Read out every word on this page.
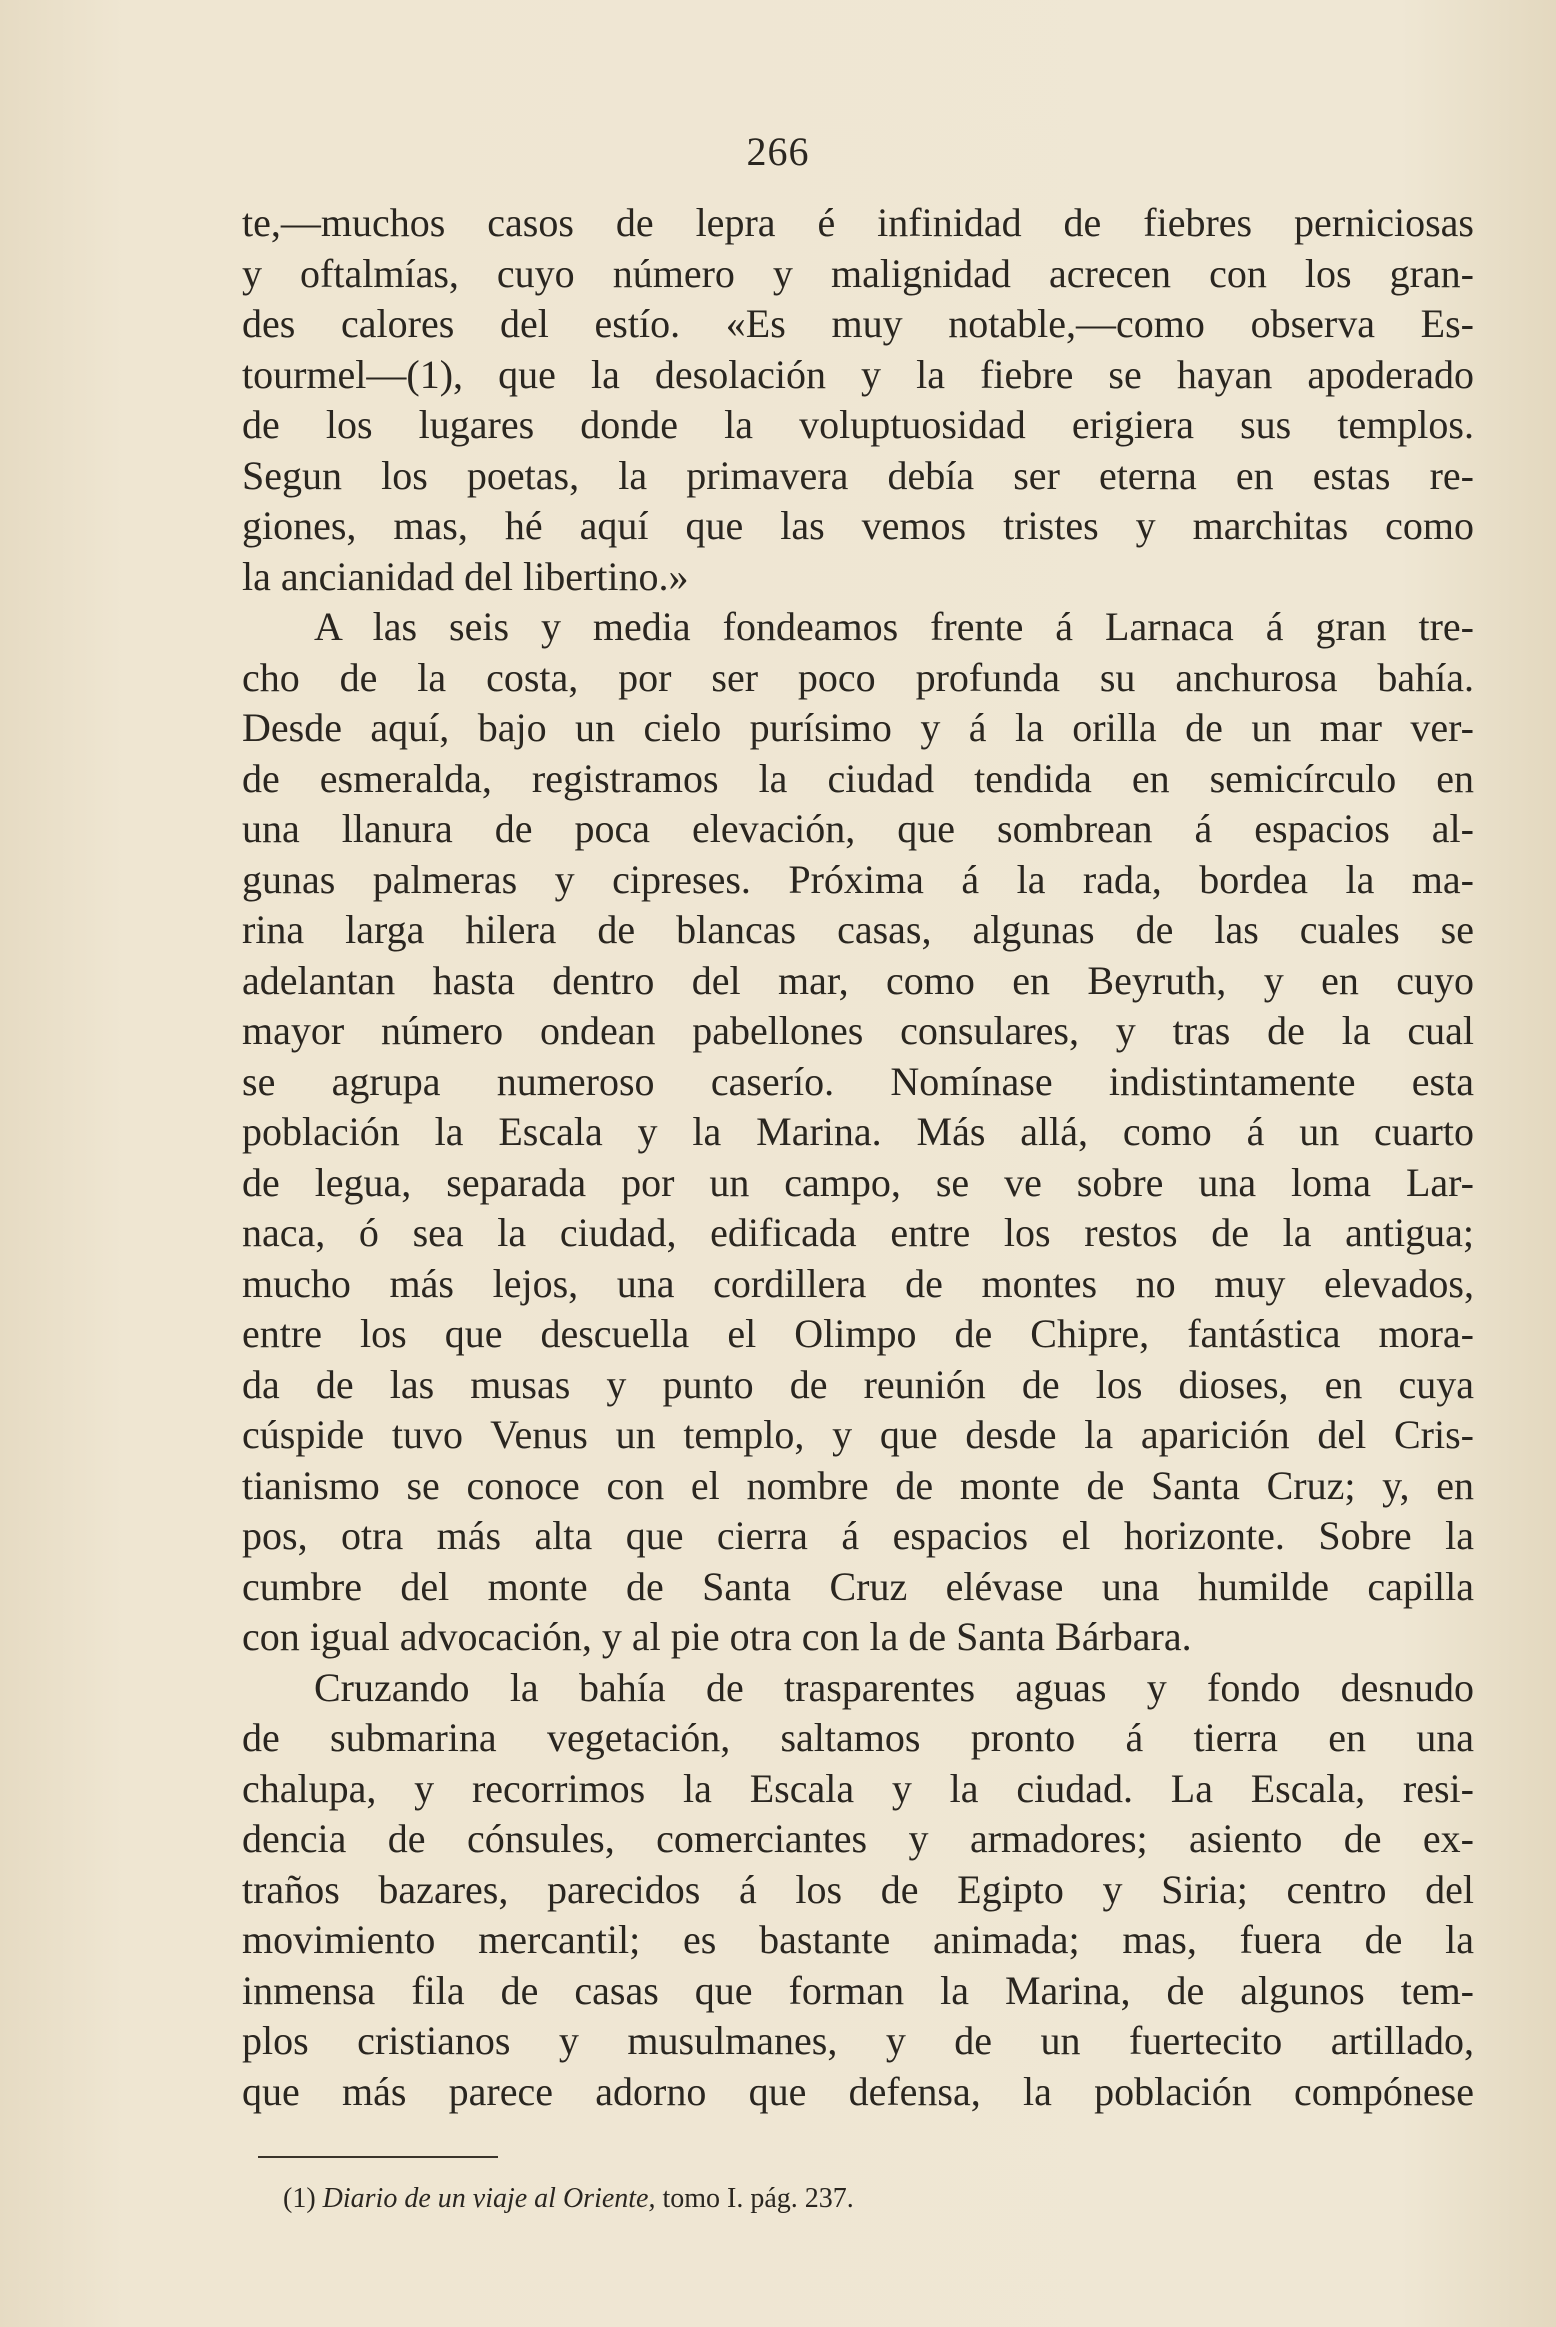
266
te,—muchos casos de lepra é infinidad de fiebres perniciosas
y oftalmías, cuyo número y malignidad acrecen con los gran-
des calores del estío. «Es muy notable,—como observa Es-
tourmel—(1), que la desolación y la fiebre se hayan apoderado
de los lugares donde la voluptuosidad erigiera sus templos.
Segun los poetas, la primavera debía ser eterna en estas re-
giones, mas, hé aquí que las vemos tristes y marchitas como
la ancianidad del libertino.»
A las seis y media fondeamos frente á Larnaca á gran tre-
cho de la costa, por ser poco profunda su anchurosa bahía.
Desde aquí, bajo un cielo purísimo y á la orilla de un mar ver-
de esmeralda, registramos la ciudad tendida en semicírculo en
una llanura de poca elevación, que sombrean á espacios al-
gunas palmeras y cipreses. Próxima á la rada, bordea la ma-
rina larga hilera de blancas casas, algunas de las cuales se
adelantan hasta dentro del mar, como en Beyruth, y en cuyo
mayor número ondean pabellones consulares, y tras de la cual
se agrupa numeroso caserío. Nomínase indistintamente esta
población la Escala y la Marina. Más allá, como á un cuarto
de legua, separada por un campo, se ve sobre una loma Lar-
naca, ó sea la ciudad, edificada entre los restos de la antigua;
mucho más lejos, una cordillera de montes no muy elevados,
entre los que descuella el Olimpo de Chipre, fantástica mora-
da de las musas y punto de reunión de los dioses, en cuya
cúspide tuvo Venus un templo, y que desde la aparición del Cris-
tianismo se conoce con el nombre de monte de Santa Cruz; y, en
pos, otra más alta que cierra á espacios el horizonte. Sobre la
cumbre del monte de Santa Cruz elévase una humilde capilla
con igual advocación, y al pie otra con la de Santa Bárbara.
Cruzando la bahía de trasparentes aguas y fondo desnudo
de submarina vegetación, saltamos pronto á tierra en una
chalupa, y recorrimos la Escala y la ciudad. La Escala, resi-
dencia de cónsules, comerciantes y armadores; asiento de ex-
traños bazares, parecidos á los de Egipto y Siria; centro del
movimiento mercantil; es bastante animada; mas, fuera de la
inmensa fila de casas que forman la Marina, de algunos tem-
plos cristianos y musulmanes, y de un fuertecito artillado,
que más parece adorno que defensa, la población compónese
(1) Diario de un viaje al Oriente, tomo I. pág. 237.
